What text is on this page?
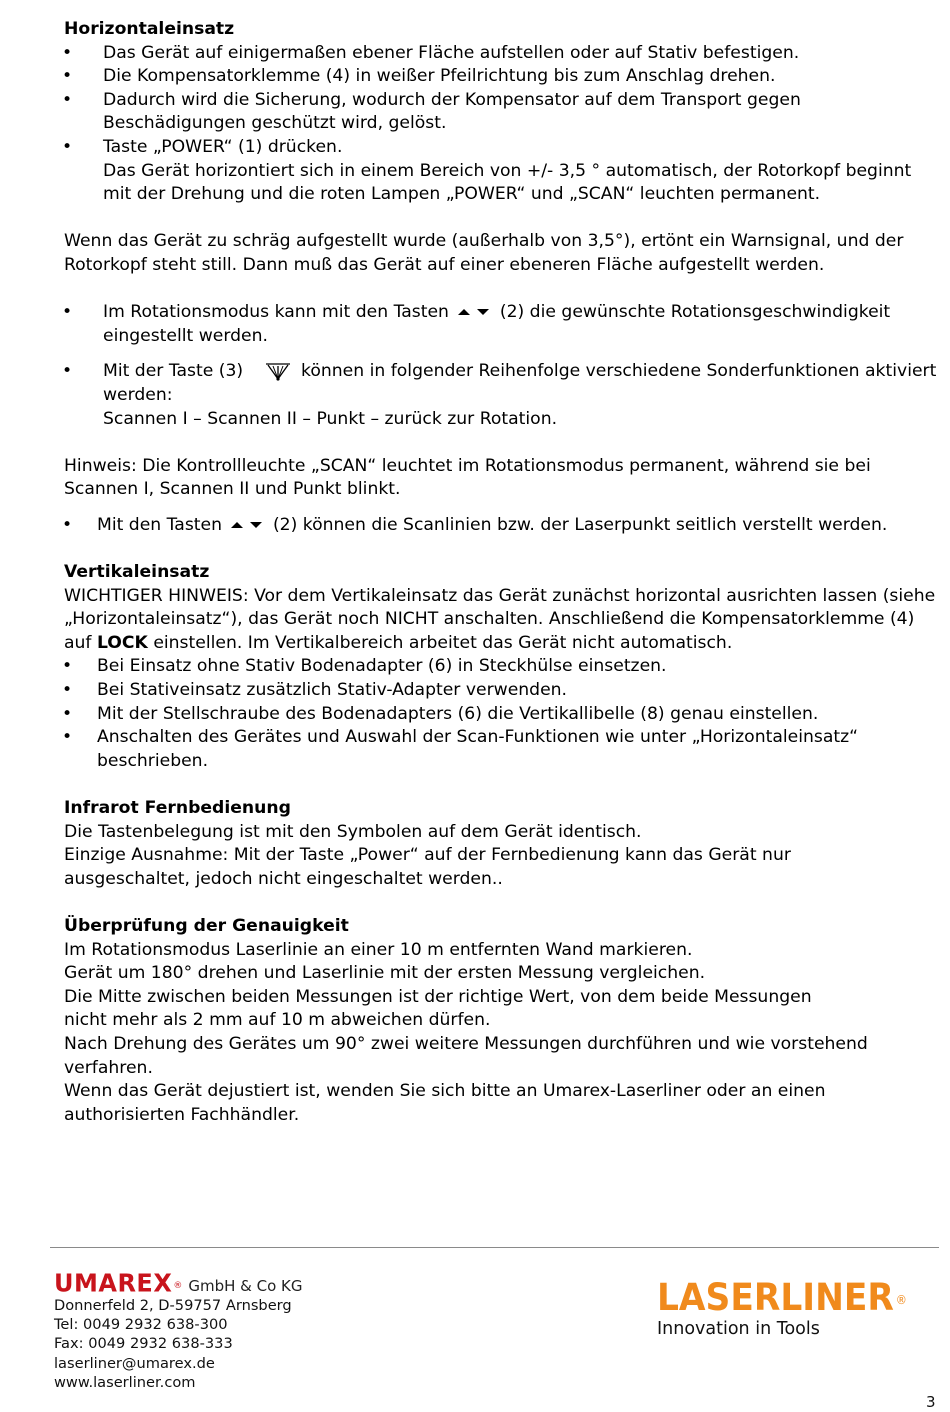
Horizontaleinsatz

• Das Gerät auf einigermaßen ebener Fläche aufstellen oder auf Stativ befestigen.
• Die Kompensatorklemme (4) in weißer Pfeilrichtung bis zum Anschlag drehen.
• Dadurch wird die Sicherung, wodurch der Kompensator auf dem Transport gegen Beschädigungen geschützt wird, gelöst.
• Taste „POWER“ (1) drücken.
Das Gerät horizontiert sich in einem Bereich von +/- 3,5 ° automatisch, der Rotorkopf beginnt mit der Drehung und die roten Lampen „POWER“ und „SCAN“ leuchten permanent.

Wenn das Gerät zu schräg aufgestellt wurde (außerhalb von 3,5°), ertönt ein Warnsignal, und der Rotorkopf steht still. Dann muß das Gerät auf einer ebeneren Fläche aufgestellt werden.

• Im Rotationsmodus kann mit den Tasten	(2) die gewünschte Rotationsgeschwindigkeit eingestellt werden.
• Mit der Taste (3)	können in folgender Reihenfolge verschiedene Sonderfunktionen aktiviert werden:
Scannen I – Scannen II – Punkt – zurück zur Rotation.

Hinweis: Die Kontrollleuchte „SCAN“ leuchtet im Rotationsmodus permanent, während sie bei Scannen I, Scannen II und Punkt blinkt.

• Mit den Tasten	(2) können die Scanlinien bzw. der Laserpunkt seitlich verstellt werden.

Vertikaleinsatz

WICHTIGER HINWEIS: Vor dem Vertikaleinsatz das Gerät zunächst horizontal ausrichten lassen (siehe „Horizontaleinsatz“), das Gerät noch NICHT anschalten. Anschließend die Kompensatorklemme (4) auf LOCK einstellen. Im Vertikalbereich arbeitet das Gerät nicht automatisch.

• Bei Einsatz ohne Stativ Bodenadapter (6) in Steckhülse einsetzen.
• Bei Stativeinsatz zusätzlich Stativ-Adapter verwenden.
• Mit der Stellschraube des Bodenadapters (6) die Vertikallibelle (8) genau einstellen.
• Anschalten des Gerätes und Auswahl der Scan-Funktionen wie unter „Horizontaleinsatz“ beschrieben.

Infrarot Fernbedienung

Die Tastenbelegung ist mit den Symbolen auf dem Gerät identisch.

Einzige Ausnahme: Mit der Taste „Power“ auf der Fernbedienung kann das Gerät nur ausgeschaltet, jedoch nicht eingeschaltet werden..

Überprüfung der Genauigkeit

Im Rotationsmodus Laserlinie an einer 10 m entfernten Wand markieren.

Gerät um 180° drehen und Laserlinie mit der ersten Messung vergleichen.

Die Mitte zwischen beiden Messungen ist der richtige Wert, von dem beide Messungen nicht mehr als 2 mm auf 10 m abweichen dürfen.

Nach Drehung des Gerätes um 90° zwei weitere Messungen durchführen und wie vorstehend verfahren.

Wenn das Gerät dejustiert ist, wenden Sie sich bitte an Umarex-Laserliner oder an einen authorisierten Fachhändler.

UMAREX ® GmbH & Co KG
Donnerfeld 2, D-59757 Arnsberg
Tel: 0049 2932 638-300
Fax: 0049 2932 638-333
laserliner@umarex.de
www.laserliner.com
LASERLINER ®
Innovation in Tools
3
